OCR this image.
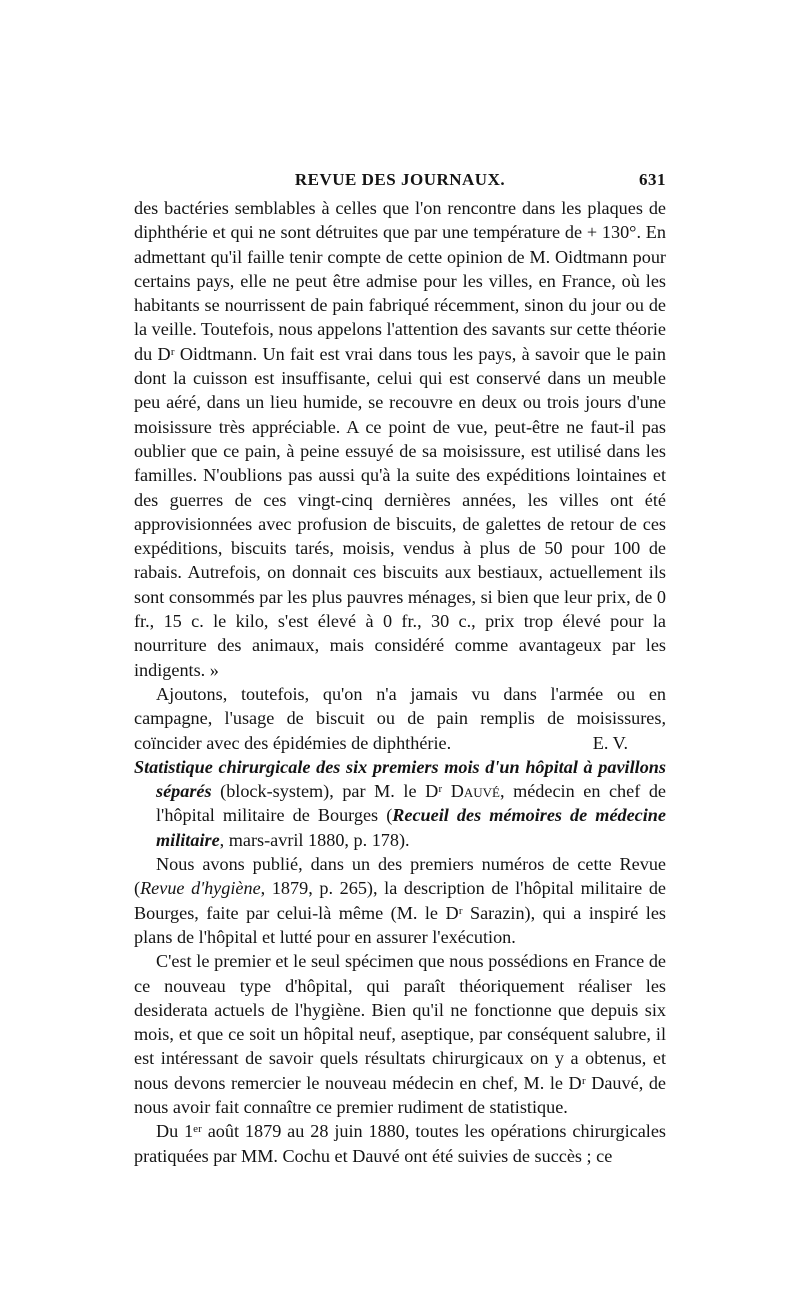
REVUE DES JOURNAUX.	631

des bactéries semblables à celles que l'on rencontre dans les plaques de diphthérie et qui ne sont détruites que par une température de + 130°. En admettant qu'il faille tenir compte de cette opinion de M. Oidtmann pour certains pays, elle ne peut être admise pour les villes, en France, où les habitants se nourrissent de pain fabriqué récemment, sinon du jour ou de la veille. Toutefois, nous appelons l'attention des savants sur cette théorie du Dʳ Oidtmann. Un fait est vrai dans tous les pays, à savoir que le pain dont la cuisson est insuffisante, celui qui est conservé dans un meuble peu aéré, dans un lieu humide, se recouvre en deux ou trois jours d'une moisissure très appréciable. A ce point de vue, peut-être ne faut-il pas oublier que ce pain, à peine essuyé de sa moisissure, est utilisé dans les familles. N'oublions pas aussi qu'à la suite des expéditions lointaines et des guerres de ces vingt-cinq dernières années, les villes ont été approvisionnées avec profusion de biscuits, de galettes de retour de ces expéditions, biscuits tarés, moisis, vendus à plus de 50 pour 100 de rabais. Autrefois, on donnait ces biscuits aux bestiaux, actuellement ils sont consommés par les plus pauvres ménages, si bien que leur prix, de 0 fr., 15 c. le kilo, s'est élevé à 0 fr., 30 c., prix trop élevé pour la nourriture des animaux, mais considéré comme avantageux par les indigents. »

Ajoutons, toutefois, qu'on n'a jamais vu dans l'armée ou en campagne, l'usage de biscuit ou de pain remplis de moisissures, coïncider avec des épidémies de diphthérie.	E. V.

Statistique chirurgicale des six premiers mois d'un hôpital à pavillons séparés (block-system), par M. le Dʳ Dauvé, médecin en chef de l'hôpital militaire de Bourges (Recueil des mémoires de médecine militaire, mars-avril 1880, p. 178).

Nous avons publié, dans un des premiers numéros de cette Revue (Revue d'hygiène, 1879, p. 265), la description de l'hôpital militaire de Bourges, faite par celui-là même (M. le Dʳ Sarazin), qui a inspiré les plans de l'hôpital et lutté pour en assurer l'exécution.

C'est le premier et le seul spécimen que nous possédions en France de ce nouveau type d'hôpital, qui paraît théoriquement réaliser les desiderata actuels de l'hygiène. Bien qu'il ne fonctionne que depuis six mois, et que ce soit un hôpital neuf, aseptique, par conséquent salubre, il est intéressant de savoir quels résultats chirurgicaux on y a obtenus, et nous devons remercier le nouveau médecin en chef, M. le Dʳ Dauvé, de nous avoir fait connaître ce premier rudiment de statistique.

Du 1ᵉʳ août 1879 au 28 juin 1880, toutes les opérations chirurgicales pratiquées par MM. Cochu et Dauvé ont été suivies de succès ; ce
